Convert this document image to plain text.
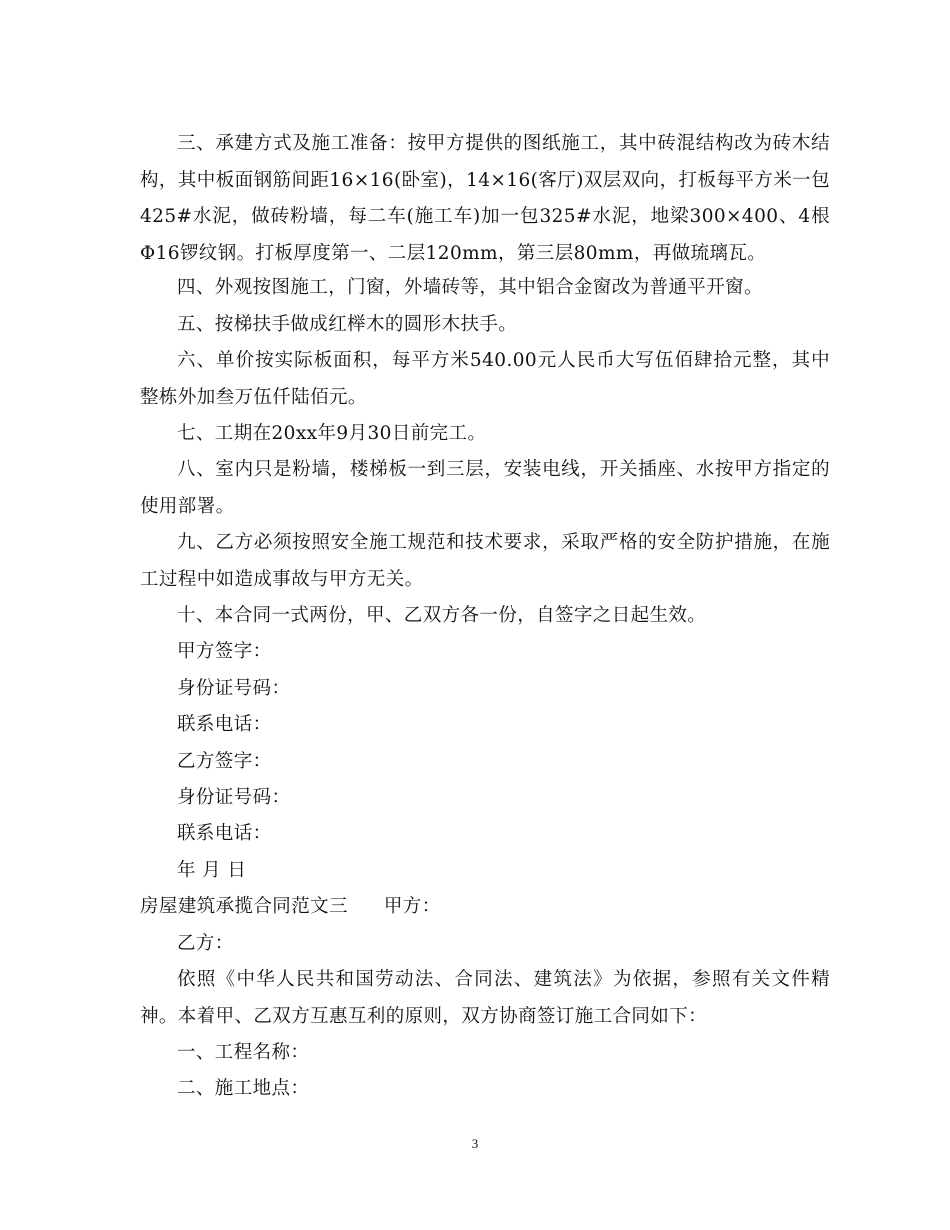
三、承建方式及施工准备：按甲方提供的图纸施工，其中砖混结构改为砖木结构，其中板面钢筋间距16×16(卧室)，14×16(客厅)双层双向，打板每平方米一包425#水泥，做砖粉墙，每二车(施工车)加一包325#水泥，地梁300×400、4根Φ16锣纹钢。打板厚度第一、二层120mm，第三层80mm，再做琉璃瓦。

四、外观按图施工，门窗，外墙砖等，其中铝合金窗改为普通平开窗。

五、按梯扶手做成红榉木的圆形木扶手。

六、单价按实际板面积，每平方米540.00元人民币大写伍佰肆拾元整，其中整栋外加叁万伍仟陆佰元。

七、工期在20xx年9月30日前完工。

八、室内只是粉墙，楼梯板一到三层，安装电线，开关插座、水按甲方指定的使用部署。

九、乙方必须按照安全施工规范和技术要求，采取严格的安全防护措施，在施工过程中如造成事故与甲方无关。

十、本合同一式两份，甲、乙双方各一份，自签字之日起生效。

甲方签字：

身份证号码：

联系电话：

乙方签字：

身份证号码：

联系电话：

年 月 日

房屋建筑承揽合同范文三 甲方：

乙方：

依照《中华人民共和国劳动法、合同法、建筑法》为依据，参照有关文件精神。本着甲、乙双方互惠互利的原则，双方协商签订施工合同如下：

一、工程名称：

二、施工地点：

3
